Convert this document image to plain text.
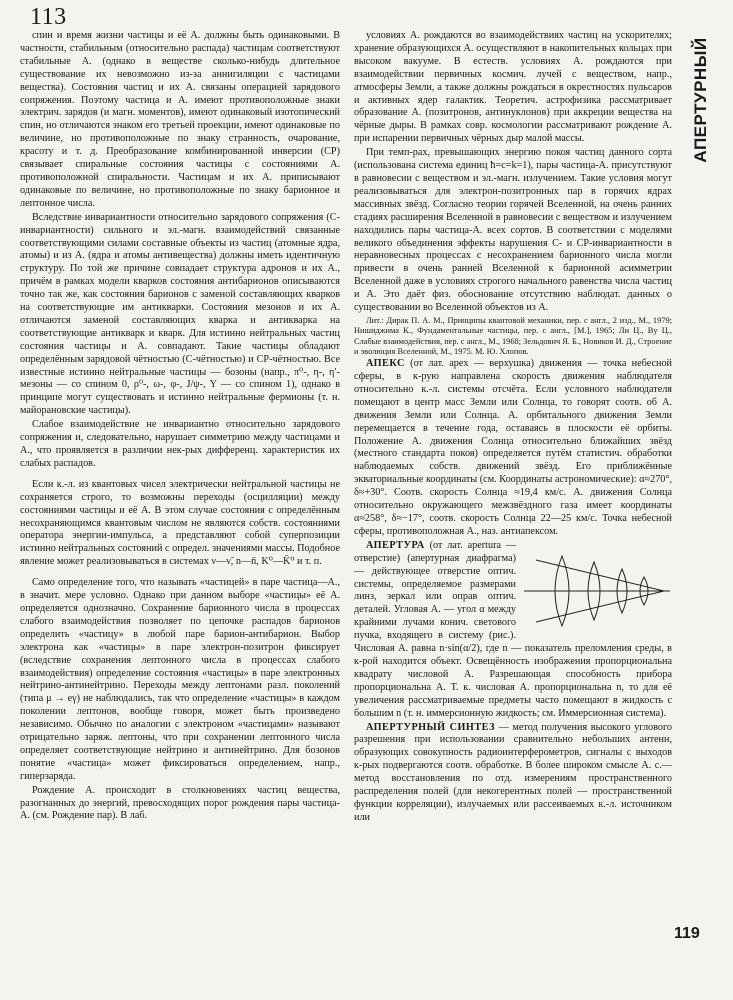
113

спин и время жизни частицы и её А. должны быть одинаковыми. В частности, стабильным (относительно распада) частицам соответствуют стабильные А. (однако в веществе сколько-нибудь длительное существование их невозможно из-за аннигиляции с частицами вещества). Состояния частиц и их А. связаны операцией зарядового сопряжения. Поэтому частица и А. имеют противоположные знаки электрич. зарядов (и магн. моментов), имеют одинаковый изотопический спин, но отличаются знаком его третьей проекции, имеют одинаковые по величине, но противоположные по знаку странность, очарование, красоту и т. д. Преобразование комбинированной инверсии (СР) связывает спиральные состояния частицы с состояниями А. противоположной спиральности. Частицам и их А. приписывают одинаковые по величине, но противоположные по знаку барионное и лептонное числа.

Вследствие инвариантности относительно зарядового сопряжения (С-инвариантности) сильного и эл.-магн. взаимодействий связанные соответствующими силами составные объекты из частиц (атомные ядра, атомы) и из А. (ядра и атомы антивещества) должны иметь идентичную структуру. По той же причине совпадает структура адронов и их А., причём в рамках модели кварков состояния антибарионов описываются точно так же, как состояния барионов с заменой составляющих кварков на соответствующие им антикварки. Состояния мезонов и их А. отличаются заменой составляющих кварка и антикварка на соответствующие антикварк и кварк. Для истинно нейтральных частиц состояния частицы и А. совпадают. Такие частицы обладают определённым зарядовой чётностью (С-чётностью) и СР-чётностью. Все известные истинно нейтральные частицы — бозоны (напр., π⁰-, η-, η′-мезоны — со спином 0, ρ⁰-, ω-, φ-, J/ψ-, Υ — со спином 1), однако в принципе могут существовать и истинно нейтральные фермионы (т. н. майорановские частицы).

Слабое взаимодействие не инвариантно относительно зарядового сопряжения и, следовательно, нарушает симметрию между частицами и А., что проявляется в различии нек-рых дифференц. характеристик их слабых распадов.

Если к.-л. из квантовых чисел электрически нейтральной частицы не сохраняется строго, то возможны переходы (осцилляции) между состояниями частицы и её А. В этом случае состояния с определённым несохраняющимся квантовым числом не являются собств. состояниями оператора энергии-импульса, а представляют собой суперпозиции истинно нейтральных состояний с определ. значениями массы. Подобное явление может реализовываться в системах ν—ν̃, n—n̄, K⁰—K̄⁰ и т. п.

Само определение того, что называть «частицей» в паре частица—А., в значит. мере условно. Однако при данном выборе «частицы» её А. определяется однозначно. Сохранение барионного числа в процессах слабого взаимодействия позволяет по цепочке распадов барионов определить «частицу» в любой паре барион-антибарион. Выбор электрона как «частицы» в паре электрон-позитрон фиксирует (вследствие сохранения лептонного числа в процессах слабого взаимодействия) определение состояния «частицы» в паре электронных нейтрино-антинейтрино. Переходы между лептонами разл. поколений (типа μ → eγ) не наблюдались, так что определение «частицы» в каждом поколении лептонов, вообще говоря, может быть произведено независимо. Обычно по аналогии с электроном «частицами» называют отрицательно заряж. лептоны, что при сохранении лептонного числа определяет соответствующие нейтрино и антинейтрино. Для бозонов понятие «частица» может фиксироваться определением, напр., гиперзаряда.

Рождение А. происходит в столкновениях частиц вещества, разогнанных до энергий, превосходящих порог рождения пары частица-А. (см. Рождение пар). В лаб.

условиях А. рождаются во взаимодействиях частиц на ускорителях; хранение образующихся А. осуществляют в накопительных кольцах при высоком вакууме. В естеств. условиях А. рождаются при взаимодействии первичных космич. лучей с веществом, напр., атмосферы Земли, а также должны рождаться в окрестностях пульсаров и активных ядер галактик. Теоретич. астрофизика рассматривает образование А. (позитронов, антинуклонов) при аккреции вещества на чёрные дыры. В рамках совр. космологии рассматривают рождение А. при испарении первичных чёрных дыр малой массы.

При темп-рах, превышающих энергию покоя частиц данного сорта (использована система единиц ħ=c=k=1), пары частица-А. присутствуют в равновесии с веществом и эл.-магн. излучением. Такие условия могут реализовываться для электрон-позитронных пар в горячих ядрах массивных звёзд. Согласно теории горячей Вселенной, на очень ранних стадиях расширения Вселенной в равновесии с веществом и излучением находились пары частица-А. всех сортов. В соответствии с моделями великого объединения эффекты нарушения С- и СР-инвариантности в неравновесных процессах с несохранением барионного числа могли привести в очень ранней Вселенной к барионной асимметрии Вселенной даже в условиях строгого начального равенства числа частиц и А. Это даёт физ. обоснование отсутствию наблюдат. данных о существовании во Вселенной объектов из А.

Лит.: Дирак П. А. М., Принципы квантовой механики, пер. с англ., 2 изд., М., 1979; Нишиджима К., Фундаментальные частицы, пер. с англ., [М.], 1965; Ли Ц., By Ц., Слабые взаимодействия, пер. с англ., М., 1968; Зельдович Я. Б., Новиков И. Д., Строение и эволюция Вселенной, М., 1975. М. Ю. Хлопов.

АПЕКС (от лат. apex — верхушка) движения — точка небесной сферы, в к-рую направлена скорость движения наблюдателя относительно к.-л. системы отсчёта. Если условного наблюдателя помещают в центр масс Земли или Солнца, то говорят соотв. об А. движения Земли или Солнца. А. орбитального движения Земли перемещается в течение года, оставаясь в плоскости её орбиты. Положение А. движения Солнца относительно ближайших звёзд (местного стандарта покоя) определяется путём статистич. обработки наблюдаемых собств. движений звёзд. Его приближённые экваториальные координаты (см. Координаты астрономические): α≈270°, δ≈+30°. Соотв. скорость Солнца ≈19,4 км/с. А. движения Солнца относительно окружающего межзвёздного газа имеет координаты α≈258°, δ≈−17°, соотв. скорость Солнца 22—25 км/с. Точка небесной сферы, противоположная А., наз. антиапексом.

АПЕРТУРА (от лат. apertura — отверстие) (апертурная диафрагма) — действующее отверстие оптич. системы, определяемое размерами линз, зеркал или оправ оптич. деталей. Угловая А. — угол α между крайними лучами конич. светового пучка, входящего в систему (рис.). Числовая А. равна n·sin(α/2), где n — показатель преломления среды, в к-рой находится объект. Освещённость изображения пропорциональна квадрату числовой А. Разрешающая способность прибора пропорциональна А. Т. к. числовая А. пропорциональна n, то для её увеличения рассматриваемые предметы часто помещают в жидкость с большим n (т. н. иммерсионную жидкость; см. Иммерсионная система).

АПЕРТУРНЫЙ СИНТЕЗ — метод получения высокого углового разрешения при использовании сравнительно небольших антенн, образующих совокупность радиоинтерферометров, сигналы с выходов к-рых подвергаются соотв. обработке. В более широком смысле А. с.— метод восстановления по отд. измерениям пространственного распределения полей (для некогерентных полей — пространственной функции корреляции), излучаемых или рассеиваемых к.-л. источником или

АПЕРТУРНЫЙ
119
